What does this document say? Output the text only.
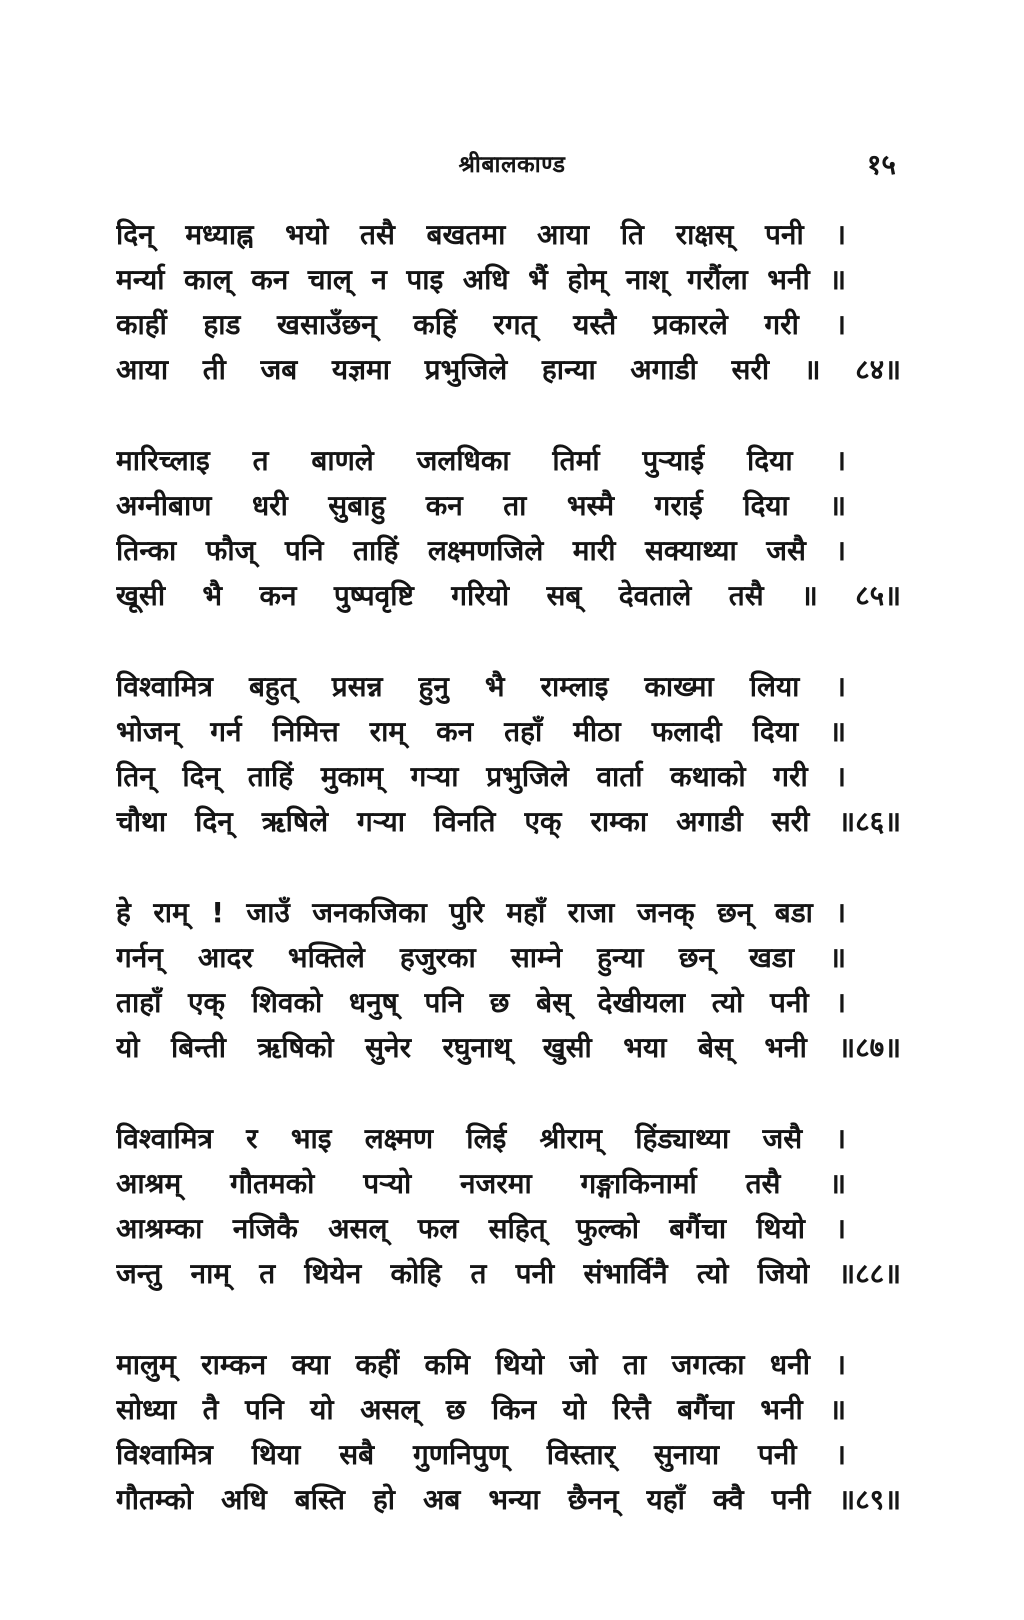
श्रीबालकाण्ड	१५
दिन् मध्याह्न भयो तसै बखतमा आया ति राक्षस् पनी ।
मर्न्या काल् कन चाल् न पाइ अधि भैं होम् नाश् गरौंला भनी ॥
काहीं हाड खसाउँछन् कहिं रगत् यस्तै प्रकारले गरी ।
आया ती जब यज्ञमा प्रभुजिले हान्या अगाडी सरी ॥ ८४॥
मारिच्लाइ त बाणले जलधिका तिर्मा पुऱ्याई दिया ।
अग्नीबाण धरी सुबाहु कन ता भस्मै गराई दिया ॥
तिन्का फौज् पनि ताहिं लक्ष्मणजिले मारी सक्याथ्या जसै ।
खूसी भै कन पुष्पवृष्टि गरियो सब् देवताले तसै ॥ ८५॥
विश्वामित्र बहुत् प्रसन्न हुनु भै राम्लाइ काख्मा लिया ।
भोजन् गर्न निमित्त राम् कन तहाँ मीठा फलादी दिया ॥
तिन् दिन् ताहिं मुकाम् गऱ्या प्रभुजिले वार्ता कथाको गरी ।
चौथा दिन् ऋषिले गऱ्या विनति एक् राम्का अगाडी सरी ॥८६॥
हे राम् ! जाउँ जनकजिका पुरि महाँ राजा जनक् छन् बडा ।
गर्नन् आदर भक्तिले हजुरका साम्ने हुन्या छन् खडा ॥
ताहाँ एक् शिवको धनुष् पनि छ बेस् देखीयला त्यो पनी ।
यो बिन्ती ऋषिको सुनेर रघुनाथ् खुसी भया बेस् भनी ॥८७॥
विश्वामित्र र भाइ लक्ष्मण लिई श्रीराम् हिंड्याथ्या जसै ।
आश्रम् गौतमको पऱ्यो नजरमा गङ्गाकिनार्मा तसै ॥
आश्रम्का नजिकै असल् फल सहित् फुल्को बगैंचा थियो ।
जन्तु नाम् त थियेन कोहि त पनी संभार्विनै त्यो जियो ॥८८॥
मालुम् राम्कन क्या कहीं कमि थियो जो ता जगत्का धनी ।
सोध्या तै पनि यो असल् छ किन यो रित्तै बगैंचा भनी ॥
विश्वामित्र थिया सबै गुणनिपुण् विस्तार् सुनाया पनी ।
गौतम्को अधि बस्ति हो अब भन्या छैनन् यहाँ क्वै पनी ॥८९॥
